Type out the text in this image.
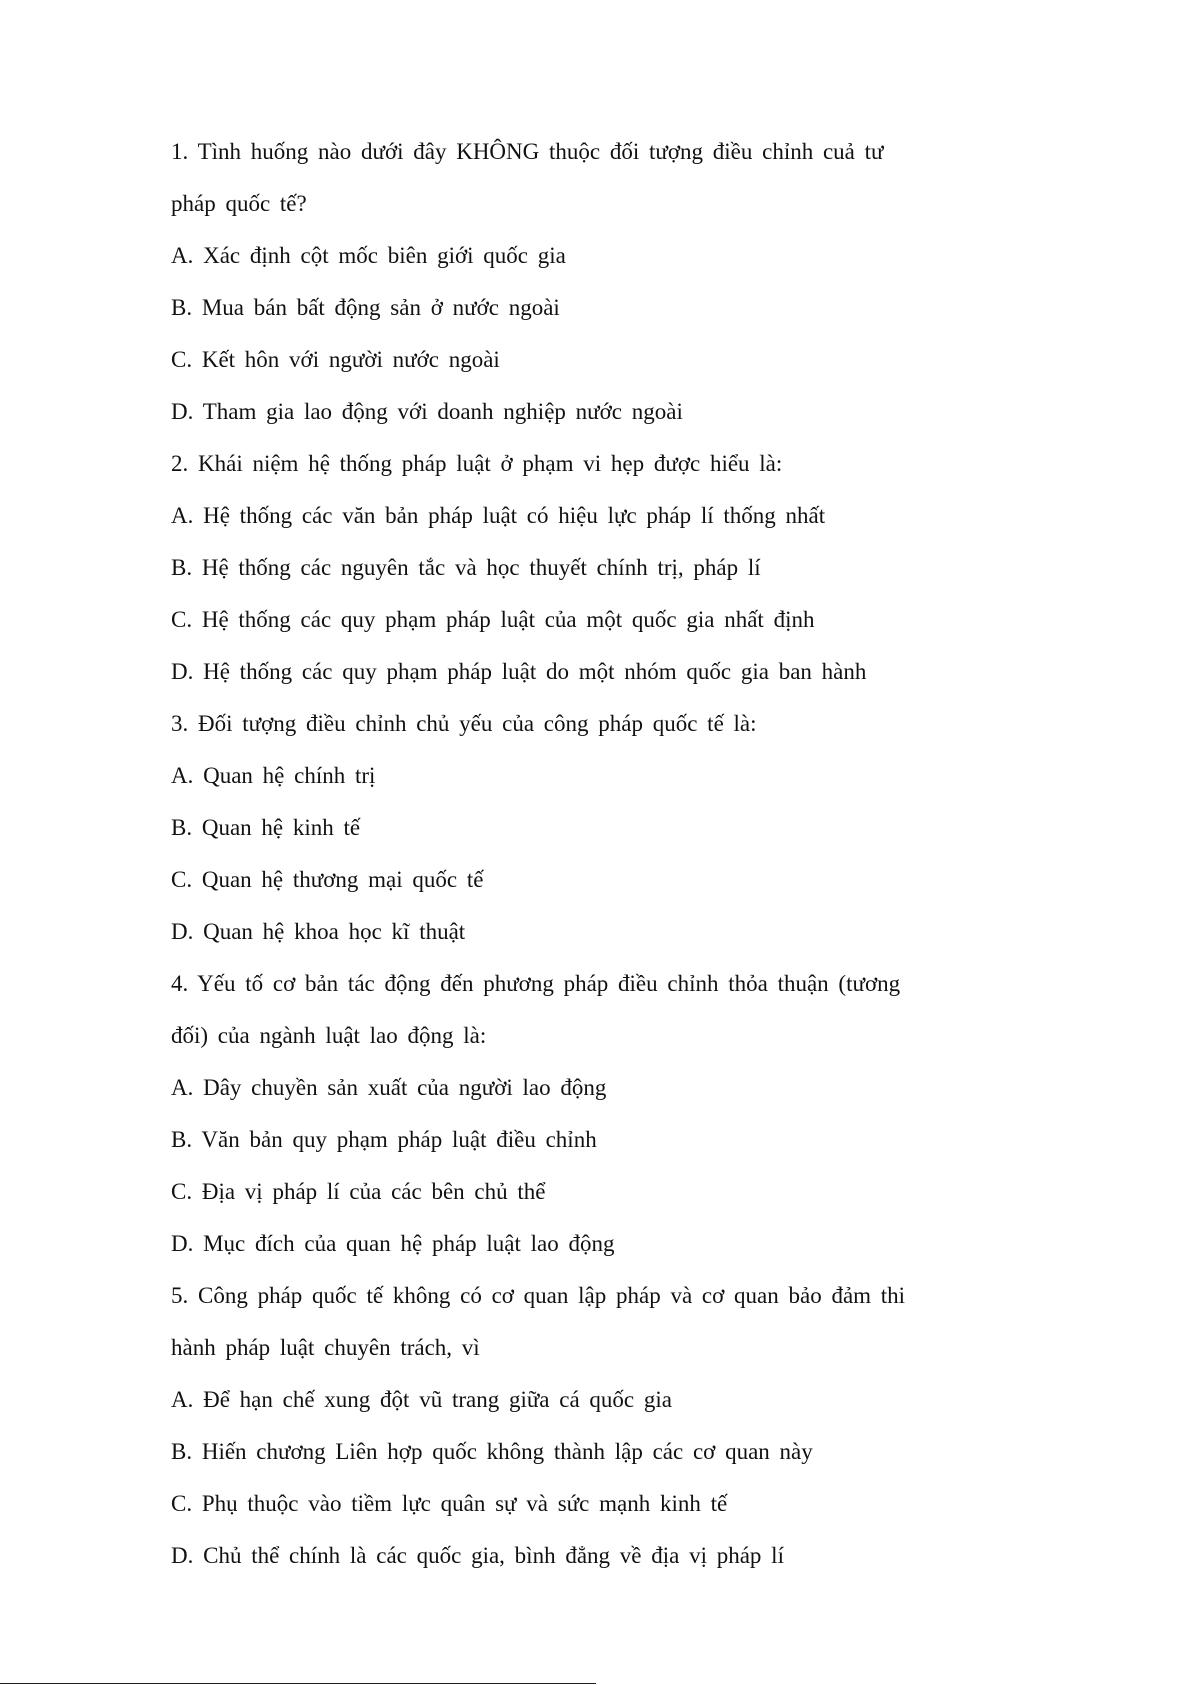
1. Tình huống nào dưới đây KHÔNG thuộc đối tượng điều chỉnh cuả tư
pháp quốc tế?
A. Xác định cột mốc biên giới quốc gia
B. Mua bán bất động sản ở nước ngoài
C. Kết hôn với người nước ngoài
D. Tham gia lao động với doanh nghiệp nước ngoài
2. Khái niệm hệ thống pháp luật ở phạm vi hẹp được hiểu là:
A. Hệ thống các văn bản pháp luật có hiệu lực pháp lí thống nhất
B. Hệ thống các nguyên tắc và học thuyết chính trị, pháp lí
C. Hệ thống các quy phạm pháp luật của một quốc gia nhất định
D. Hệ thống các quy phạm pháp luật do một nhóm quốc gia ban hành
3. Đối tượng điều chỉnh chủ yếu của công pháp quốc tế là:
A. Quan hệ chính trị
B. Quan hệ kinh tế
C. Quan hệ thương mại quốc tế
D. Quan hệ khoa học kĩ thuật
4. Yếu tố cơ bản tác động đến phương pháp điều chỉnh thỏa thuận (tương
đối) của ngành luật lao động là:
A. Dây chuyền sản xuất của người lao động
B. Văn bản quy phạm pháp luật điều chỉnh
C. Địa vị pháp lí của các bên chủ thể
D. Mục đích của quan hệ pháp luật lao động
5. Công pháp quốc tế không có cơ quan lập pháp và cơ quan bảo đảm thi
hành pháp luật chuyên trách, vì
A. Để hạn chế xung đột vũ trang giữa cá quốc gia
B. Hiến chương Liên hợp quốc không thành lập các cơ quan này
C. Phụ thuộc vào tiềm lực quân sự và sức mạnh kinh tế
D. Chủ thể chính là các quốc gia, bình đẳng về địa vị pháp lí
